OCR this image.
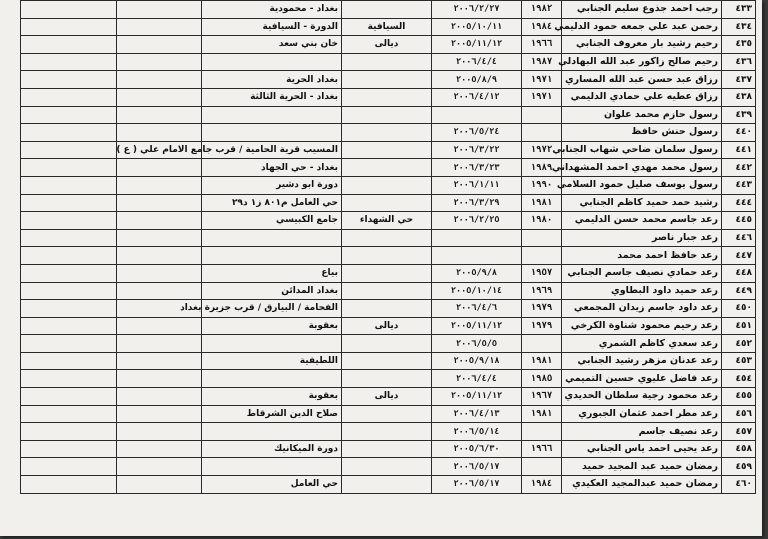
٤٣٣	رجب احمد جذوع سليم الجنابي	١٩٨٢	٢٠٠٦/٢/٢٧		بغداد - محمودية		
٤٣٤	رحمن عبد علي جمعه حمود الدليمي	١٩٨٤	٢٠٠٥/١٠/١١	السيافية	الدورة - السيافية		
٤٣٥	رحيم رشيد بار معروف الجنابي	١٩٦٦	٢٠٠٥/١١/١٢	ديالى	خان بني سعد		
٤٣٦	رحيم صالح زاكور عبد الله البهادلي	١٩٨٧	٢٠٠٦/٤/٤				
٤٣٧	رزاق عبد حسن عبد الله المساري	١٩٧١	٢٠٠٥/٨/٩		بغداد الحرية		
٤٣٨	رزاق عطيه علي حمادي الدليمي	١٩٧١	٢٠٠٦/٤/١٢		بغداد - الحرية الثالثة		
٤٣٩	رسول حازم محمد علوان						
٤٤٠	رسول حنش حافظ		٢٠٠٦/٥/٢٤				
٤٤١	رسول سلمان ضاحي شهاب الجنابي	١٩٧٢	٢٠٠٦/٣/٢٢		المسيب قرية الحامية / قرب جامع الامام علي ( ع )		
٤٤٢	رسول محمد مهدي احمد المشهداني	١٩٨٩	٢٠٠٦/٣/٢٣		بغداد - حي الجهاد		
٤٤٣	رسول يوسف صليل حمود السلامي	١٩٩٠	٢٠٠٦/١/١١		دورة ابو دشير		
٤٤٤	رشيد حمد حميد كاظم الجنابي	١٩٨١	٢٠٠٦/٣/٢٩		حي العامل م٨٠١ ز١ د٢٩		
٤٤٥	رعد جاسم محمد حسن الدليمي	١٩٨٠	٢٠٠٦/٢/٢٥	حي الشهداء	جامع الكبيسي		
٤٤٦	رعد جبار ناصر						
٤٤٧	رعد حافظ احمد محمد						
٤٤٨	رعد حمادي نصيف جاسم الجنابي	١٩٥٧	٢٠٠٥/٩/٨		بياع		
٤٤٩	رعد حميد داود البطاوي	١٩٦٩	٢٠٠٥/١٠/١٤		بغداد المدائن		
٤٥٠	رعد داود جاسم زيدان المجمعي	١٩٧٩	٢٠٠٦/٤/٦		الفحامة / البيارق / قرب جزيرة بغداد		
٤٥١	رعد رحيم محمود شناوة الكرخي	١٩٧٩	٢٠٠٥/١١/١٢	ديالى	بعقوبة		
٤٥٢	رعد سعدي كاظم الشمري		٢٠٠٦/٥/٥				
٤٥٣	رعد عدنان مزهر رشيد الجنابي	١٩٨١	٢٠٠٥/٩/١٨		اللطيفية		
٤٥٤	رعد فاضل عليوي حسين التميمي	١٩٨٥	٢٠٠٦/٤/٤				
٤٥٥	رعد محمود رجية سلطان الحديدي	١٩٦٧	٢٠٠٥/١١/١٢	ديالى	بعقوبة		
٤٥٦	رعد مطر احمد عثمان الجبوري	١٩٨١	٢٠٠٦/٤/١٣		صلاح الدين الشرقاط		
٤٥٧	رعد نصيف جاسم		٢٠٠٦/٥/١٤				
٤٥٨	رعد يحيى احمد ياس الجنابي	١٩٦٦	٢٠٠٥/٦/٣٠		دورة الميكانيك		
٤٥٩	رمضان حميد عبد المجيد حميد		٢٠٠٦/٥/١٧				
٤٦٠	رمضان حميد عبدالمجيد العكيدي	١٩٨٤	٢٠٠٦/٥/١٧		حي العامل		
